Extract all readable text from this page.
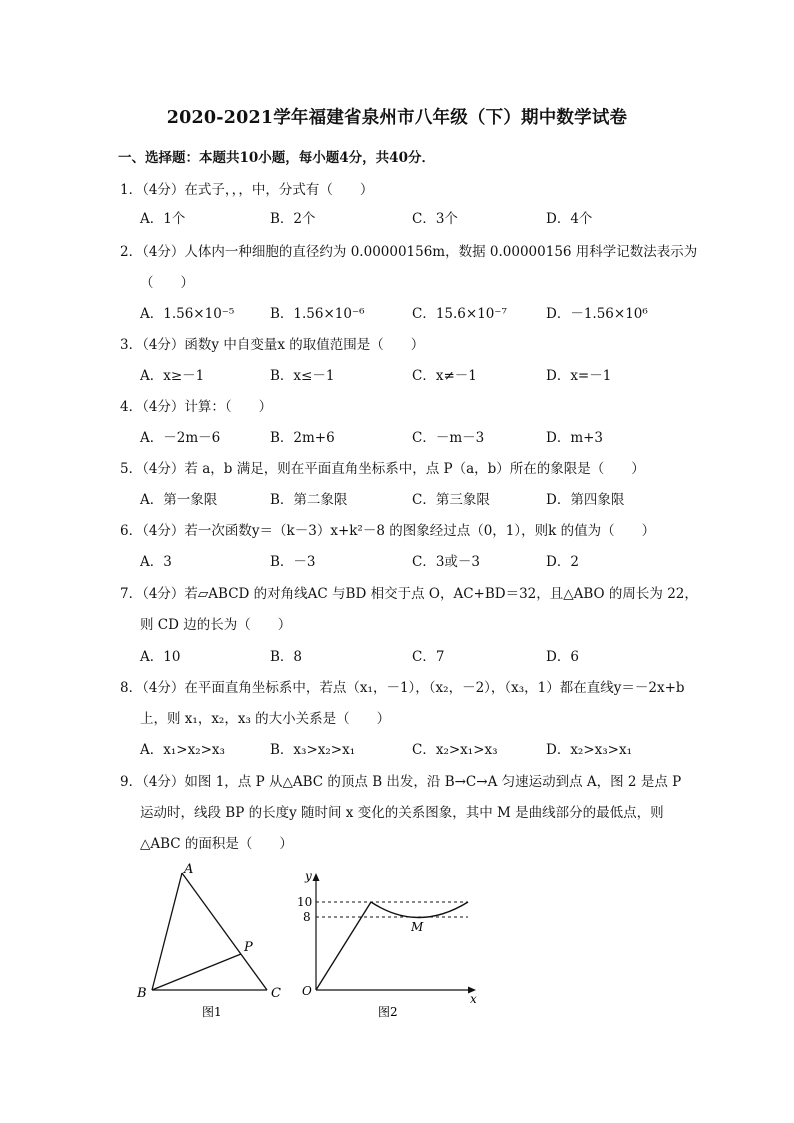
2020-2021学年福建省泉州市八年级（下）期中数学试卷
一、选择题：本题共10小题，每小题4分，共40分．
1．（4分）在式子，，，中，分式有（　　）
A．1个	B．2个	C．3个	D．4个
2．（4分）人体内一种细胞的直径约为 0.00000156m，数据 0.00000156 用科学记数法表示为
（　　）
A．1.56×10⁻⁵	B．1.56×10⁻⁶	C．15.6×10⁻⁷	D．－1.56×10⁶
3．（4分）函数y 中自变量x 的取值范围是（　　）
A．x≥－1	B．x≤－1	C．x≠－1	D．x=－1
4．（4分）计算：（　　）
A．－2m－6	B．2m+6	C．－m－3	D．m+3
5．（4分）若 a，b 满足，则在平面直角坐标系中，点 P（a，b）所在的象限是（　　）
A．第一象限	B．第二象限	C．第三象限	D．第四象限
6．（4分）若一次函数y＝（k－3）x+k²－8 的图象经过点（0，1），则k 的值为（　　）
A．3	B．－3	C．3或－3	D．2
7．（4分）若▱ABCD 的对角线AC 与BD 相交于点 O，AC+BD＝32，且△ABO 的周长为 22，
则 CD 边的长为（　　）
A．10	B．8	C．7	D．6
8．（4分）在平面直角坐标系中，若点（x₁，－1），（x₂，－2），（x₃，1）都在直线y＝－2x+b
上，则 x₁，x₂，x₃ 的大小关系是（　　）
A．x₁>x₂>x₃	B．x₃>x₂>x₁	C．x₂>x₁>x₃	D．x₂>x₃>x₁
9．（4分）如图 1，点 P 从△ABC 的顶点 B 出发，沿 B→C→A 匀速运动到点 A，图 2 是点 P
运动时，线段 BP 的长度y 随时间 x 变化的关系图象，其中 M 是曲线部分的最低点，则
△ABC 的面积是（　　）
A
B	C
P
图1
y
x
O
10
8
M
图2
